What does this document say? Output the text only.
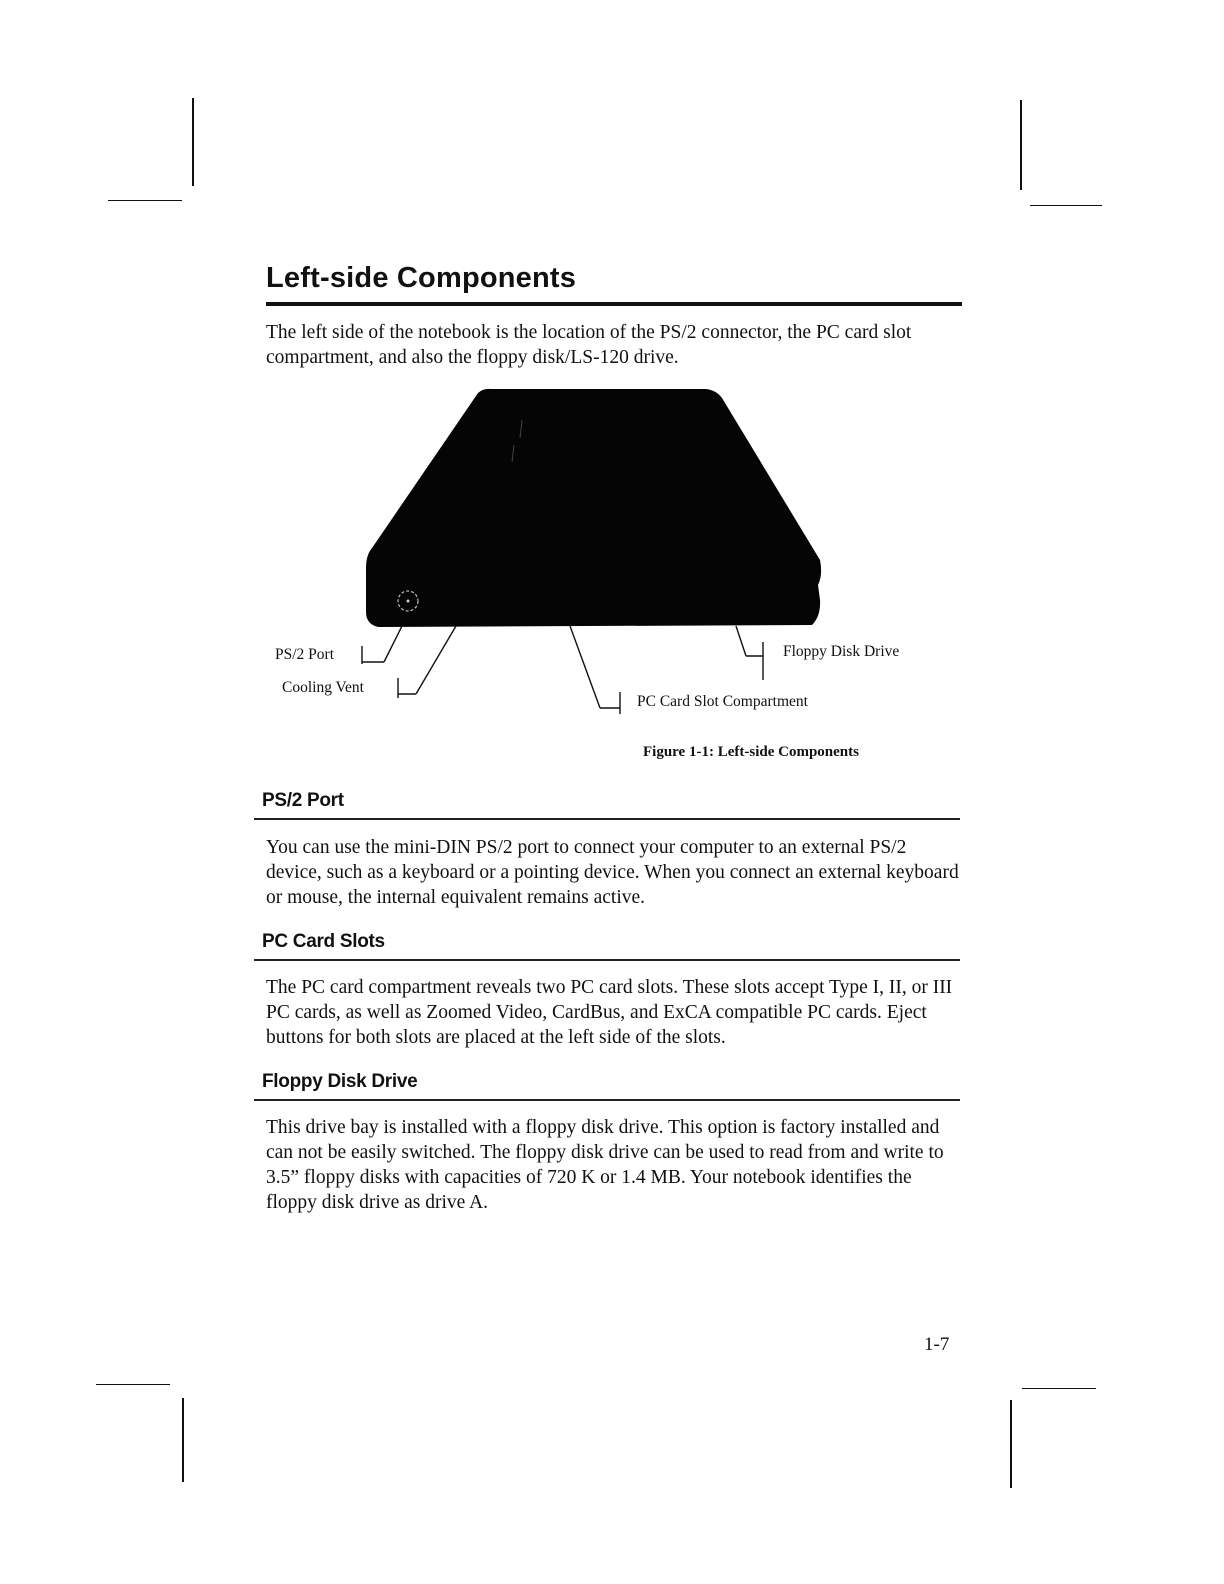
Left-side Components

The left side of the notebook is the location of the PS/2 connector, the PC card slot compartment, and also the floppy disk/LS-120 drive.

PS/2 Port
Cooling Vent
Floppy Disk Drive
PC Card Slot Compartment
Figure 1-1: Left-side Components
PS/2 Port

You can use the mini-DIN PS/2 port to connect your computer to an external PS/2 device, such as a keyboard or a pointing device. When you connect an external keyboard or mouse, the internal equivalent remains active.

PC Card Slots

The PC card compartment reveals two PC card slots. These slots accept Type I, II, or III PC cards, as well as Zoomed Video, CardBus, and ExCA compatible PC cards. Eject buttons for both slots are placed at the left side of the slots.

Floppy Disk Drive

This drive bay is installed with a floppy disk drive. This option is factory installed and can not be easily switched. The floppy disk drive can be used to read from and write to 3.5” floppy disks with capacities of 720 K or 1.4 MB. Your notebook identifies the floppy disk drive as drive A.

1-7
